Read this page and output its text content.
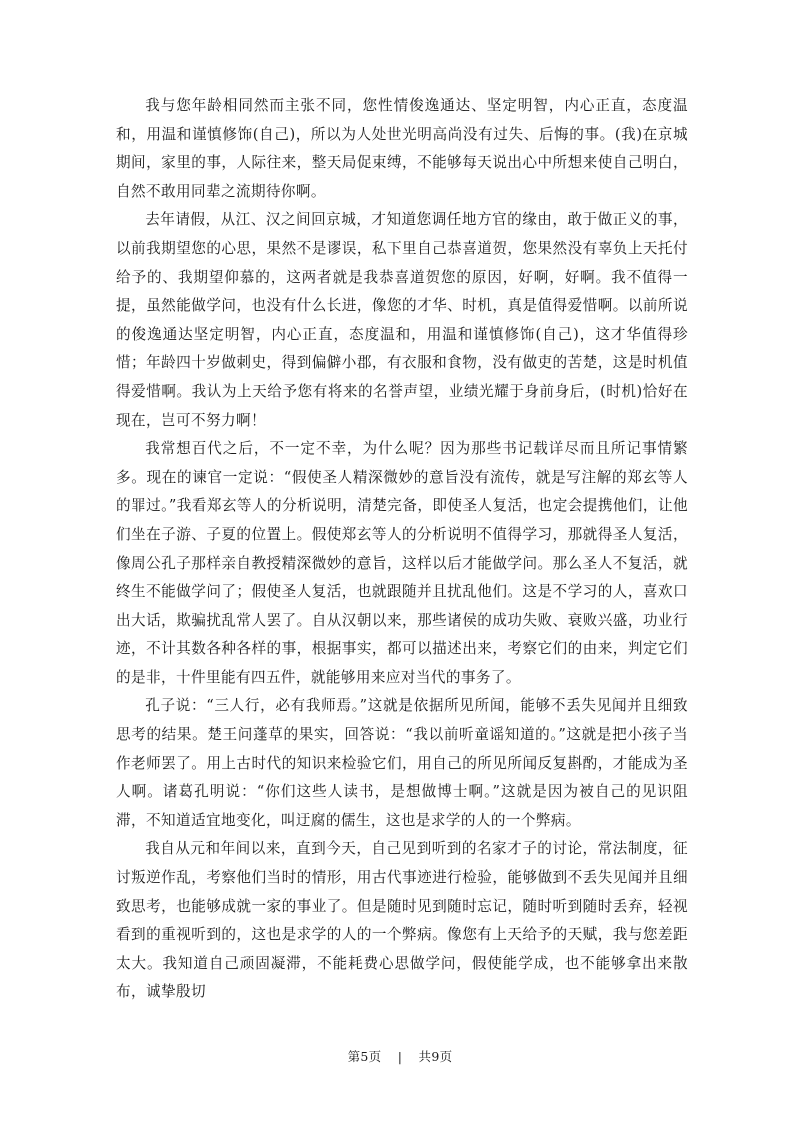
我与您年龄相同然而主张不同，您性情俊逸通达、坚定明智，内心正直，态度温和，用温和谨慎修饰(自己)，所以为人处世光明高尚没有过失、后悔的事。(我)在京城期间，家里的事，人际往来，整天局促束缚，不能够每天说出心中所想来使自己明白，自然不敢用同辈之流期待你啊。

去年请假，从江、汉之间回京城，才知道您调任地方官的缘由，敢于做正义的事，以前我期望您的心思，果然不是谬误，私下里自己恭喜道贺，您果然没有辜负上天托付给予的、我期望仰慕的，这两者就是我恭喜道贺您的原因，好啊，好啊。我不值得一提，虽然能做学问，也没有什么长进，像您的才华、时机，真是值得爱惜啊。以前所说的俊逸通达坚定明智，内心正直，态度温和，用温和谨慎修饰(自己)，这才华值得珍惜；年龄四十岁做刺史，得到偏僻小郡，有衣服和食物，没有做吏的苦楚，这是时机值得爱惜啊。我认为上天给予您有将来的名誉声望，业绩光耀于身前身后，(时机)恰好在现在，岂可不努力啊！

我常想百代之后，不一定不幸，为什么呢？因为那些书记载详尽而且所记事情繁多。现在的谏官一定说：“假使圣人精深微妙的意旨没有流传，就是写注解的郑玄等人的罪过。”我看郑玄等人的分析说明，清楚完备，即使圣人复活，也定会提携他们，让他们坐在子游、子夏的位置上。假使郑玄等人的分析说明不值得学习，那就得圣人复活，像周公孔子那样亲自教授精深微妙的意旨，这样以后才能做学问。那么圣人不复活，就终生不能做学问了；假使圣人复活，也就跟随并且扰乱他们。这是不学习的人，喜欢口出大话，欺骗扰乱常人罢了。自从汉朝以来，那些诸侯的成功失败、衰败兴盛，功业行迹，不计其数各种各样的事，根据事实，都可以描述出来，考察它们的由来，判定它们的是非，十件里能有四五件，就能够用来应对当代的事务了。

孔子说：“三人行，必有我师焉。”这就是依据所见所闻，能够不丢失见闻并且细致思考的结果。楚王问蓬草的果实，回答说：“我以前听童谣知道的。”这就是把小孩子当作老师罢了。用上古时代的知识来检验它们，用自己的所见所闻反复斟酌，才能成为圣人啊。诸葛孔明说：“你们这些人读书，是想做博士啊。”这就是因为被自己的见识阻滞，不知道适宜地变化，叫迂腐的儒生，这也是求学的人的一个弊病。

我自从元和年间以来，直到今天，自己见到听到的名家才子的讨论，常法制度，征讨叛逆作乱，考察他们当时的情形，用古代事迹进行检验，能够做到不丢失见闻并且细致思考，也能够成就一家的事业了。但是随时见到随时忘记，随时听到随时丢弃，轻视看到的重视听到的，这也是求学的人的一个弊病。像您有上天给予的天赋，我与您差距太大。我知道自己顽固凝滞，不能耗费心思做学问，假使能学成，也不能够拿出来散布，诚挚殷切

第5页 | 共9页
